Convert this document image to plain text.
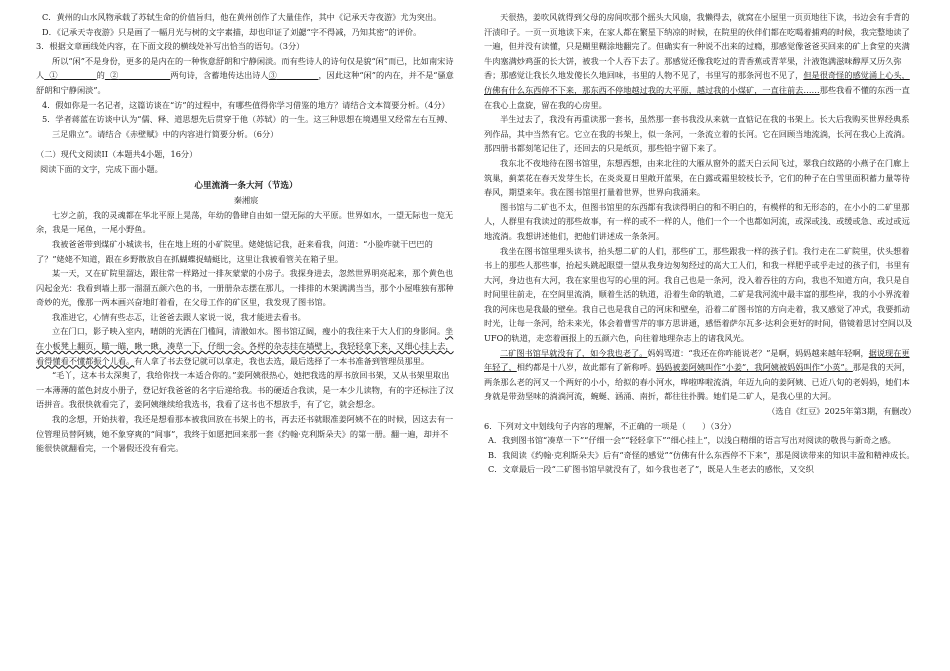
C．黄州的山水风物承载了苏轼生命的价值旨归，他在黄州创作了大量佳作，其中《记承天寺夜游》尤为突出。

D．《记承天寺夜游》只是画了一幅月光与树的文字素描，却也印证了刘勰“字不得减，乃知其密”的评价。

3．根据文章画线处内容，在下面文段的横线处补写出恰当的语句。（3分）

所以“闲”不是身份，更多的是内在的一种恢意舒朗和宁静闲淡。而有些诗人的诗句仅是貌“闲”而已，比如南宋诗人 ①	的 ②	两句诗，含蓄地传达出诗人③	，因此这种“闲”的内在，并不是“骚意舒朗和宁静闲淡”。

4．假如你是一名记者，这篇访谈在“访”的过程中，有哪些值得你学习借鉴的地方？请结合文本简要分析。（4分）

5．学者蒋蓝在访谈中认为“儒、释、道思想先后贯穿于他（苏轼）的一生。这三种思想在境遇里又经常左右互搏、三足鼎立”。请结合《赤壁赋》中的内容进行简要分析。（6分）

（二）现代文阅读II（本题共4小题，16分）

阅读下面的文字，完成下面小题。

心里流淌一条大河（节选）

秦湘宸

七岁之前，我的灵魂都在华北平原上晃荡，年幼的鲁肆自由如一望无际的大平原。世界如水，一望无际也一览无余，我是一尾鱼，一尾小野鱼。

我被爸爸带到煤矿小城读书，住在地上班的小矿院里。姥姥惦记我，赶来看我，问道：“小脸咋就干巴巴的了？”姥姥不知道，跟在乡野散放自在抓蝴蝶捉蜻蜓比，这里让我被看管关在箱子里。

某一天，又在矿院里溜达，跟往常一样路过一排灰蒙蒙的小房子。我探身进去，忽然世界明亮起来，那个黄色也闪起金光：我看到墙上那一溜溜五颜六色的书，一册册杂志摆在那儿，一排排的木架满满当当，那个小屋唯独有那种奇妙的光，像那一两本画兴奋地盯着看，在父母工作的矿区里，我发现了图书馆。

我准进它，心情有些忐忑，让爸爸去跟人家说一说，我才能进去看书。

立在门口，影子映入室内，晴朗的光洒在门槛间，清澈如水。图书馆辽阔，瘦小的我往来于大人们的身影间。坐在小板凳上翻页，瞄一瞄，瞅一瞅，凑草一下，仔细一会。各样的杂志挂在墙壁上，我轻轻拿下来，又细心挂上去，看得懂看不懂都振个儿看。有人拿了书去登记就可以拿走，我也去选，最后选择了一本书准备到管理员那里。

“毛丫，这本书太深奥了，我给你找一本适合你的。”姜阿姨很热心，她把我选的厚书放回书架，又从书架里取出一本薄薄的蓝色封皮小册子，登记好我爸爸的名字后递给我。书的硬适合我读，是一本少儿读物，有的字还标注了汉语拼音。我很快就看完了，姜阿姨继续给我选书，我看了这书也不想放手，有了它，就会想念。

我的念想，开始扶着，我还是想看那本被我回放在书架上的书，再去还书就眼准姜阿姨不在的时候，因这去有一位管理员替阿姨，她不象穿爽的“间事”，我终于如愿把回来那一套《约翰·克利斯朵夫》的第一册。翻一遍，却并不能很快就翻看完，一个暑假还没有看完。

天很热，姜吹风就得到父母的房间吹那个摇头大风扇，我懒得去，就窝在小屋里一页页地往下读，书边会有手背的汗渍印子。一页一页地读下来，在家人都在繁星下纳凉的时候，在院里的伙伴们都在吃喝着捕鸡的时候，我完整地读了一遍，但并没有读懂，只是糊里糊涂地翻完了。但确实有一种说不出来的过瘾，那感觉像爸爸买回来的矿上食堂的夹满牛肉塞满炒鸡蛋的长大饼，被我一个人吞下去了。那感觉还像我吃过的青香蕉或青苹果，汁液饱满滋味醇厚又历久弥香；那感觉让我长久地发傻长久地回味，书里的人物不见了，书里写的那条河也不见了，但是很奇怪的感觉涌上心头，仿佛有什么东西停不下来，那东西不停地越过我的大平原，越过我的小煤矿，一直往前去……那些我看不懂的东西一直在我心上盘旋，留在我的心房里。

半生过去了，我没有再重读那一套书，虽然那一套书我没从来就一直惦记在我的书架上。长大后我购买世界经典系列作品，其中当然有它。它立在我的书架上，似一条河，一条流立着的长河。它在回顾当地流淌，长河在我心上流淌。那四册书都刻笔记住了，还回去的只是纸页，那些铅字留下来了。

我东北不夜地待在图书馆里，东想西想，由来北往的大雁从窗外的蓝天白云间飞过，翠我白纹路的小燕子在门廊上筑巢，蓟菜花在春天发芽生长，在炎炎夏日里敞开蓝果，在白露或霜里较枝长予，它们的种子在白雪里面积蓄力量等待春风，期望来年。我在图书馆里打量着世界，世界向我涌来。

图书馆与二矿也不太，但图书馆里的东西都有我读得明白的和不明白的，有模样的和无形态的，在小小的二矿里那人，人群里有我读过的那些故事，有一样的或不一样的人，他们一个一个也都如河流，或深或浅、或缓或急、或过或远地流淌。我想讲述他们，把他们讲述成一条条河。

我坐在图书馆里理头读书，抬头想二矿的人们，那些矿工，那些跟我一样的孩子们。我行走在二矿院里，伏头想着书上的那些人那些事，抬起头跳起眼望一望从我身边匆匆经过的高大工人们，和我一样肥乎或乎走过的孩子们，书里有大河，身边也有大河，我在家里也写的心里的河。我自己也是一条河，没入着吞往的方向，我也不知道方向，我只是自时间里往前走，在空间里流淌，顺着生活的轨道，沿着生命的轨道，二矿是我河流中最丰富的那些岸，我的小小界流着我的河床也是我最的壁垒。我自己也是我自己的河床和壁垒，沿着二矿图书馆的方向走着，我又感觉了冲式，我要抓动时光，让每一条河，给未来光，体会着曹雪芹的事方思讲通，感悟着萨尔瓦多·达利会更好的时间，借镜着思讨空间以及UFO的轨道，走恋着画报上的五颜六色，向往着地理杂志上的诸我风光。

二矿图书馆早就没有了，如今我也老了。妈妈骂道：“我还在你咋能说老？”是啊，妈妈越来越年轻啊，据说现在更年轻了，相约都是十八岁，故此都有了新称呼。妈妈被姜阿姨叫作“小姜”，我阿姨被妈妈叫作“小英”。那是我的天河，两条那么老的河又一个两好的小小，给拟的春小河水，哗啦哗啦流淌，年迈九向的姜阿姨、已近八旬的老妈妈，她们本身就是带劲坚味的淌淌河流，蜿蜒、涵涌、南折，都往往扑腾。她们是二矿人，是我心里的大河。

（选自《红豆》2025年第3期，有删改）

6．下列对文中划线句子内容的理解，不正确的一项是（　　）（3分）

A．我到图书馆“凑草一下”“仔细一会”“轻轻拿下”“细心挂上”，以浅白精细的语言写出对阅读的敬畏与新奇之感。

B．我阅读《约翰·克利斯朵夫》后有“奇怪的感觉”“仿佛有什么东西停不下来”，那是阅读带来的知识丰盈和精神成长。

C．文章最后一段“二矿图书馆早就没有了，如今我也老了”，既是人生老去的感怅，又交织
